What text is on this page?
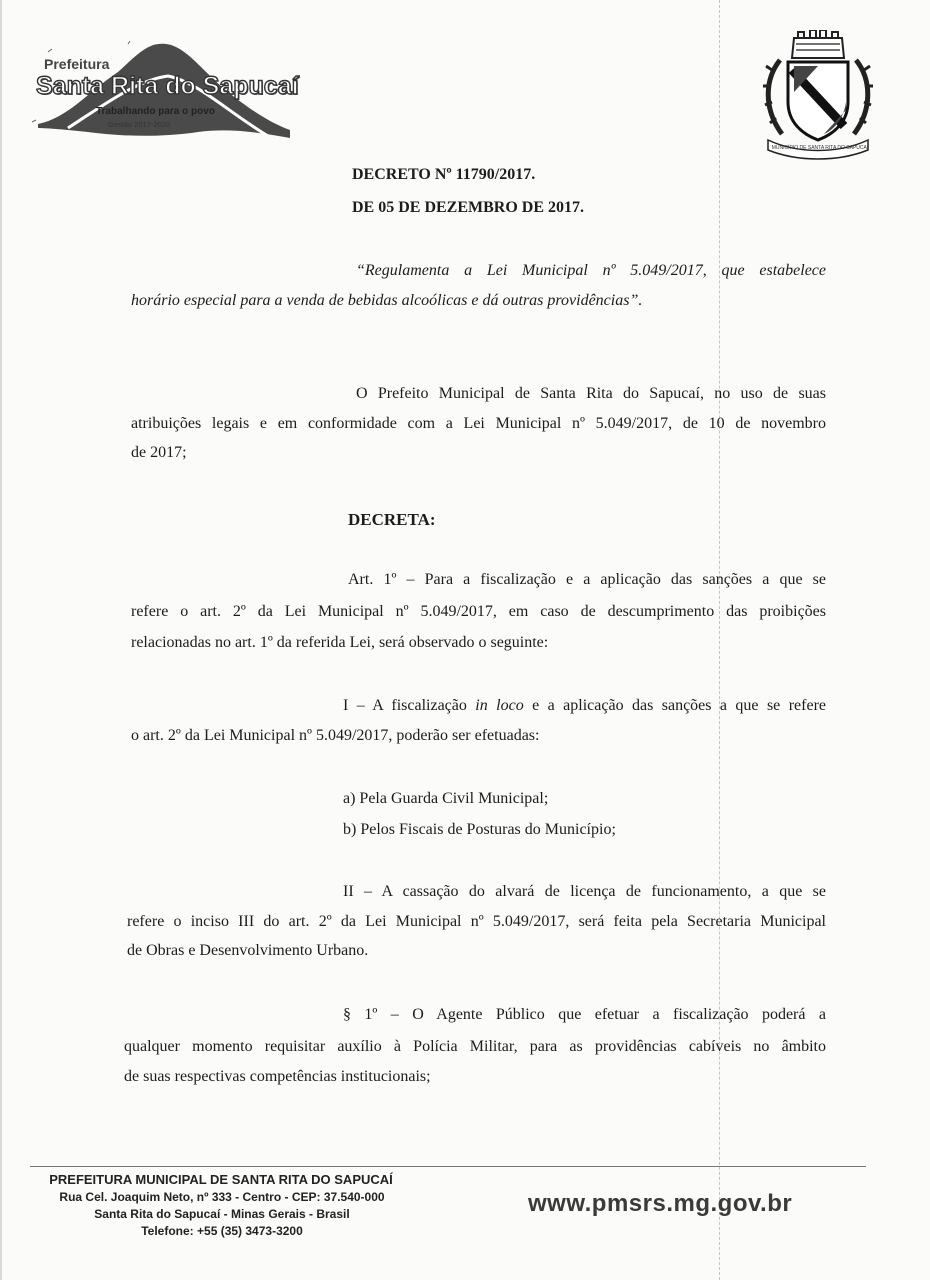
Prefeitura
Santa Rita do Sapucaí
Trabalhando para o povo
Gestão 2017-2020
MUNICÍPIO DE SANTA RITA DO SAPUCAÍ
DECRETO Nº 11790/2017.
DE 05 DE DEZEMBRO DE 2017.
“Regulamenta a Lei Municipal nº 5.049/2017, que estabelece
horário especial para a venda de bebidas alcoólicas e dá outras providências”.
O Prefeito Municipal de Santa Rita do Sapucaí, no uso de suas
atribuições legais e em conformidade com a Lei Municipal nº 5.049/2017, de 10 de novembro
de 2017;
DECRETA:
Art. 1º – Para a fiscalização e a aplicação das sanções a que se
refere o art. 2º da Lei Municipal nº 5.049/2017, em caso de descumprimento das proibições
relacionadas no art. 1º da referida Lei, será observado o seguinte:
I – A fiscalização in loco e a aplicação das sanções a que se refere
o art. 2º da Lei Municipal nº 5.049/2017, poderão ser efetuadas:
a) Pela Guarda Civil Municipal;
b) Pelos Fiscais de Posturas do Município;
II – A cassação do alvará de licença de funcionamento, a que se
refere o inciso III do art. 2º da Lei Municipal nº 5.049/2017, será feita pela Secretaria Municipal
de Obras e Desenvolvimento Urbano.
§ 1º – O Agente Público que efetuar a fiscalização poderá a
qualquer momento requisitar auxílio à Polícia Militar, para as providências cabíveis no âmbito
de suas respectivas competências institucionais;
PREFEITURA MUNICIPAL DE SANTA RITA DO SAPUCAÍ
Rua Cel. Joaquim Neto, nº 333 - Centro - CEP: 37.540-000
Santa Rita do Sapucaí - Minas Gerais - Brasil
Telefone: +55 (35) 3473-3200
www.pmsrs.mg.gov.br
